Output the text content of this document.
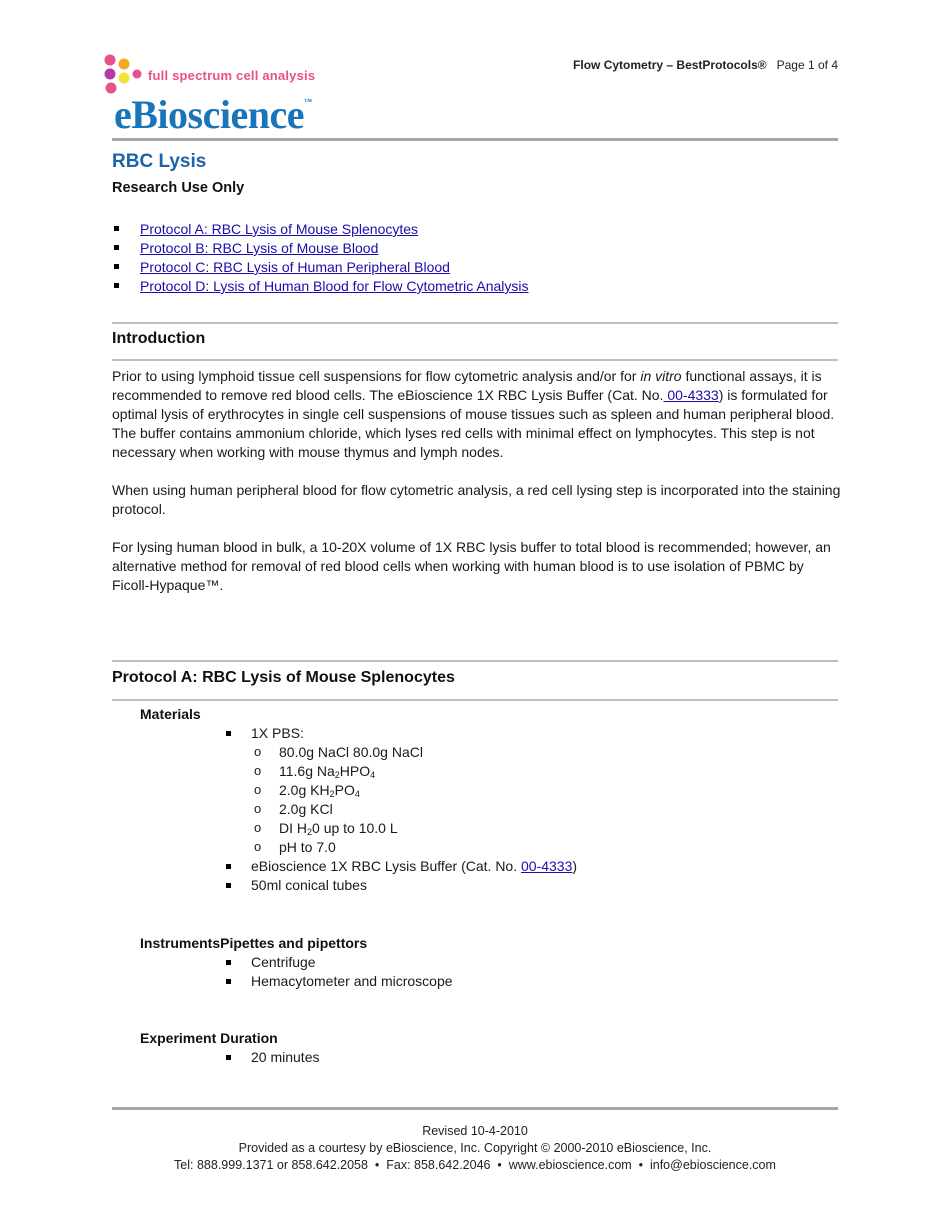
Flow Cytometry – BestProtocols® Page 1 of 4
full spectrum cell analysis
eBioscience™
RBC Lysis
Research Use Only
Protocol A: RBC Lysis of Mouse Splenocytes
Protocol B: RBC Lysis of Mouse Blood
Protocol C: RBC Lysis of Human Peripheral Blood
Protocol D: Lysis of Human Blood for Flow Cytometric Analysis
Introduction
Prior to using lymphoid tissue cell suspensions for flow cytometric analysis and/or for in vitro functional assays, it is recommended to remove red blood cells. The eBioscience 1X RBC Lysis Buffer (Cat. No. 00-4333) is formulated for optimal lysis of erythrocytes in single cell suspensions of mouse tissues such as spleen and human peripheral blood. The buffer contains ammonium chloride, which lyses red cells with minimal effect on lymphocytes. This step is not necessary when working with mouse thymus and lymph nodes.
When using human peripheral blood for flow cytometric analysis, a red cell lysing step is incorporated into the staining protocol.
For lysing human blood in bulk, a 10-20X volume of 1X RBC lysis buffer to total blood is recommended; however, an alternative method for removal of red blood cells when working with human blood is to use isolation of PBMC by Ficoll-Hypaque™.
Protocol A: RBC Lysis of Mouse Splenocytes
Materials
1X PBS:
o 80.0g NaCl 80.0g NaCl
o 11.6g $Na_2HPO_4$
o 2.0g $KH_2PO_4$
o 2.0g KCl
o DI $H_20$ up to 10.0 L
o pH to 7.0
eBioscience 1X RBC Lysis Buffer (Cat. No. 00-4333)
50ml conical tubes
InstrumentsPipettes and pipettors
Centrifuge
Hemacytometer and microscope
Experiment Duration
20 minutes
Revised 10-4-2010
Provided as a courtesy by eBioscience, Inc. Copyright © 2000-2010 eBioscience, Inc.
Tel: 888.999.1371 or 858.642.2058  •  Fax: 858.642.2046  •  www.ebioscience.com  •  info@ebioscience.com
